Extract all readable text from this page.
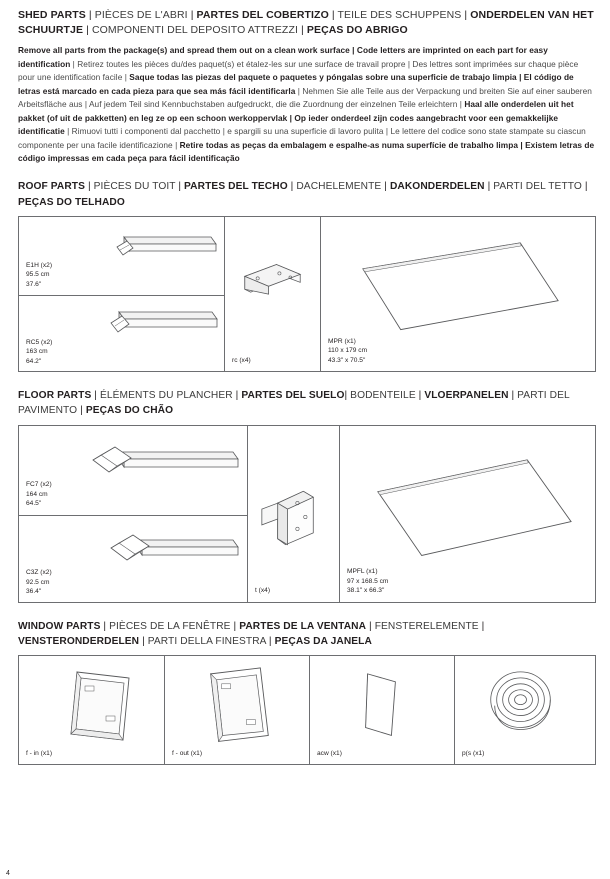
SHED PARTS | PIÈCES DE L'ABRI | PARTES DEL COBERTIZO | TEILE DES SCHUPPENS | ONDERDELEN VAN HET SCHUURTJE | COMPONENTI DEL DEPOSITO ATTREZZI | PEÇAS DO ABRIGO
Remove all parts from the package(s) and spread them out on a clean work surface | Code letters are imprinted on each part for easy identification | Retirez toutes les pièces du/des paquet(s) et étalez-les sur une surface de travail propre | Des lettres sont imprimées sur chaque pièce pour une identification facile | Saque todas las piezas del paquete o paquetes y póngalas sobre una superficie de trabajo limpia | El código de letras está marcado en cada pieza para que sea más fácil identificarla | Nehmen Sie alle Teile aus der Verpackung und breiten Sie auf einer sauberen Arbeitsfläche aus | Auf jedem Teil sind Kennbuchstaben aufgedruckt, die die Zuordnung der einzelnen Teile erleichtern | Haal alle onderdelen uit het pakket (of uit de pakketten) en leg ze op een schoon werkoppervlak | Op ieder onderdeel zijn codes aangebracht voor een gemakkelijke identificatie | Rimuovi tutti i componenti dal pacchetto | e spargili su una superficie di lavoro pulita | Le lettere del codice sono state stampate su ciascun componente per una facile identificazione | Retire todas as peças da embalagem e espalhe-as numa superfície de trabalho limpa | Existem letras de código impressas em cada peça para fácil identificação
ROOF PARTS | PIÈCES DU TOIT | PARTES DEL TECHO | DACHELEMENTE | DAKONDERDELEN | PARTI DEL TETTO | PEÇAS DO TELHADO
E1H (x2)
95.5 cm
37.6"
RC5 (x2)
163 cm
64.2"	rc (x4)
MPR (x1)
110 x 179 cm
43.3" x 70.5"
FLOOR PARTS | ÉLÉMENTS DU PLANCHER | PARTES DEL SUELO| BODENTEILE | VLOERPANELEN | PARTI DEL PAVIMENTO | PEÇAS DO CHÃO
FC7 (x2)
164 cm
64.5"
C3Z (x2)
92.5 cm
36.4"	t (x4)
MPFL (x1)
97 x 168.5 cm
38.1" x 66.3"
WINDOW PARTS | PIÈCES DE LA FENÊTRE | PARTES DE LA VENTANA | FENSTERELEMENTE | VENSTERONDERDELEN | PARTI DELLA FINESTRA | PEÇAS DA JANELA
f - in (x1)	f - out (x1)	acw (x1)	p(s (x1)
4
